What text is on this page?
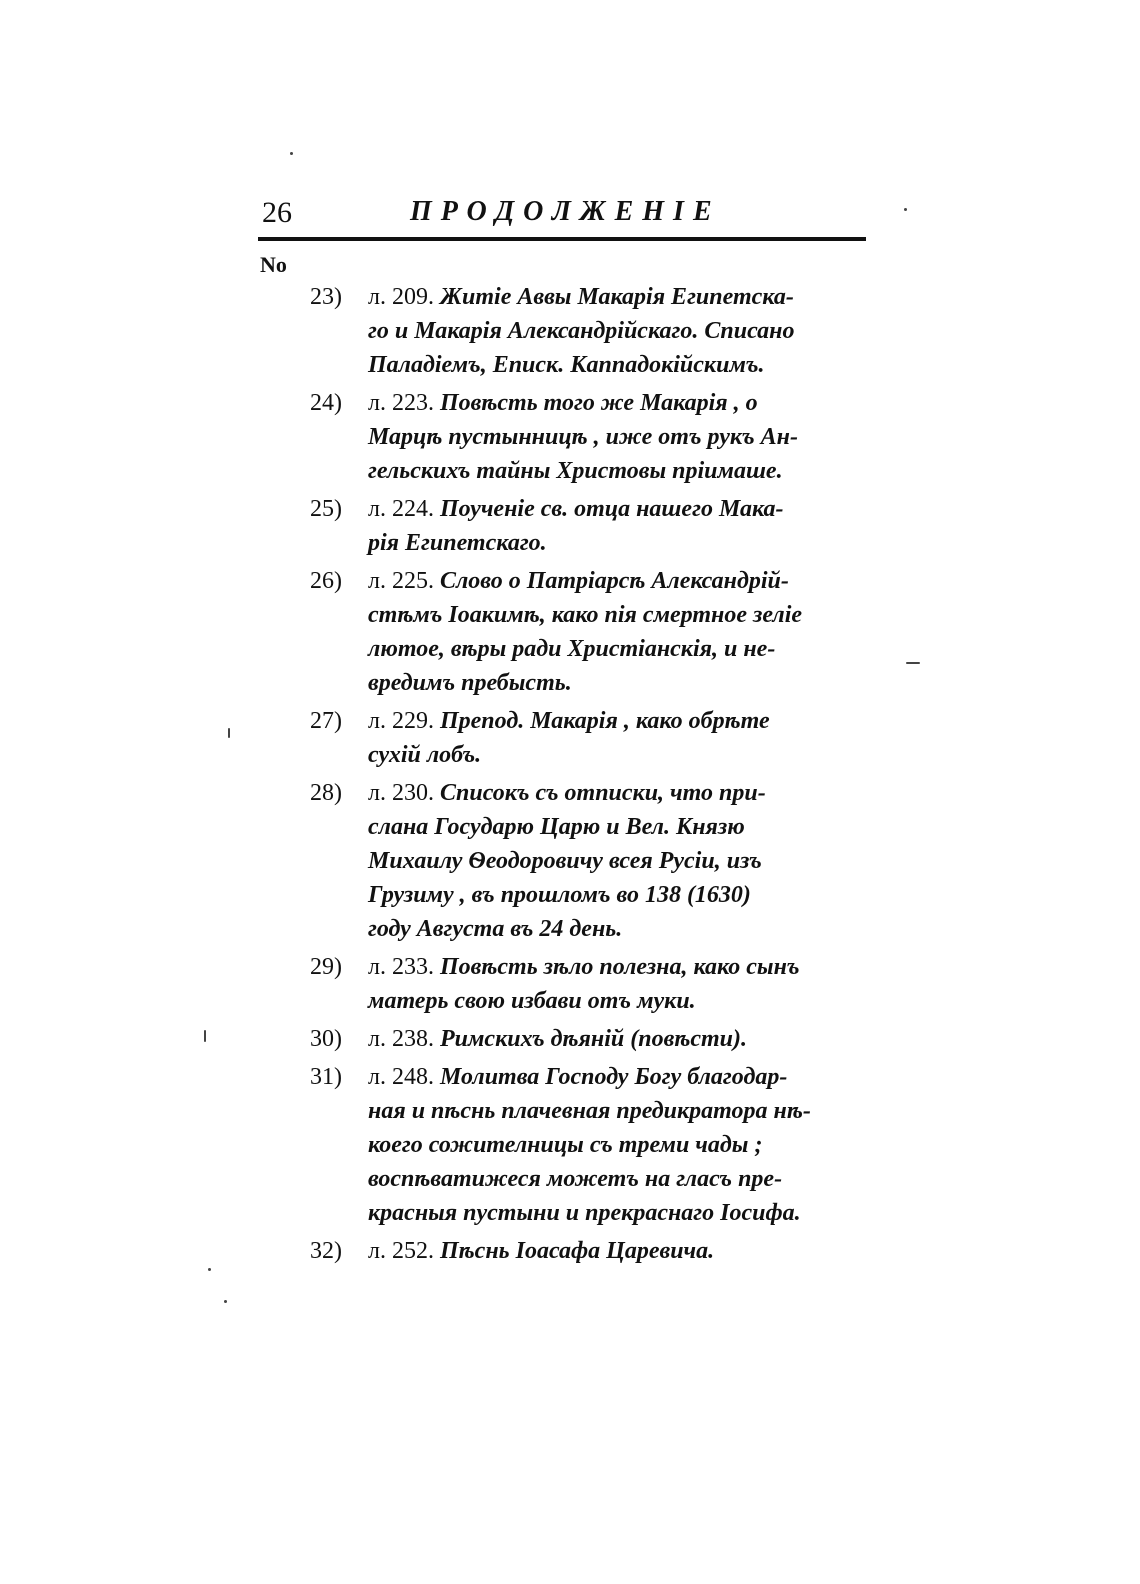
26	ПРОДОЛЖЕНІЕ
No
23)	л. 209. Житіе Аввы Макарія Египетска-
го и Макарія Александрійскаго. Списано
Паладіемъ, Еписк. Каппадокійскимъ.
24)	л. 223. Повѣсть того же Макарія , о
Марцѣ пустынницѣ , иже отъ рукъ Ан-
гельскихъ тайны Христовы пріимаше.
25)	л. 224. Поученіе св. отца нашего Мака-
рія Египетскаго.
26)	л. 225. Слово о Патріарсѣ Александрій-
стѣмъ Іоакимѣ, како пія смертное зеліе
лютое, вѣры ради Христіанскія, и не-
вредимъ пребысть.
27)	л. 229. Препод. Макарія , како обрѣте
сухій лобъ.
28)	л. 230. Списокъ съ отписки, что при-
слана Государю Царю и Вел. Князю
Михаилу Ѳеодоровичу всея Русіи, изъ
Грузиму , въ прошломъ во 138 (1630)
году Августа въ 24 день.
29)	л. 233. Повѣсть зѣло полезна, како сынъ
матерь свою избави отъ муки.
30)	л. 238. Римскихъ дѣяній (повѣсти).
31)	л. 248. Молитва Господу Богу благодар-
ная и пѣснь плачевная предикратора нѣ-
коего сожителницы съ треми чады ;
воспѣватижеся можетъ на гласъ пре-
красныя пустыни и прекраснаго Іосифа.
32)	л. 252. Пѣснь Іоасафа Царевича.
